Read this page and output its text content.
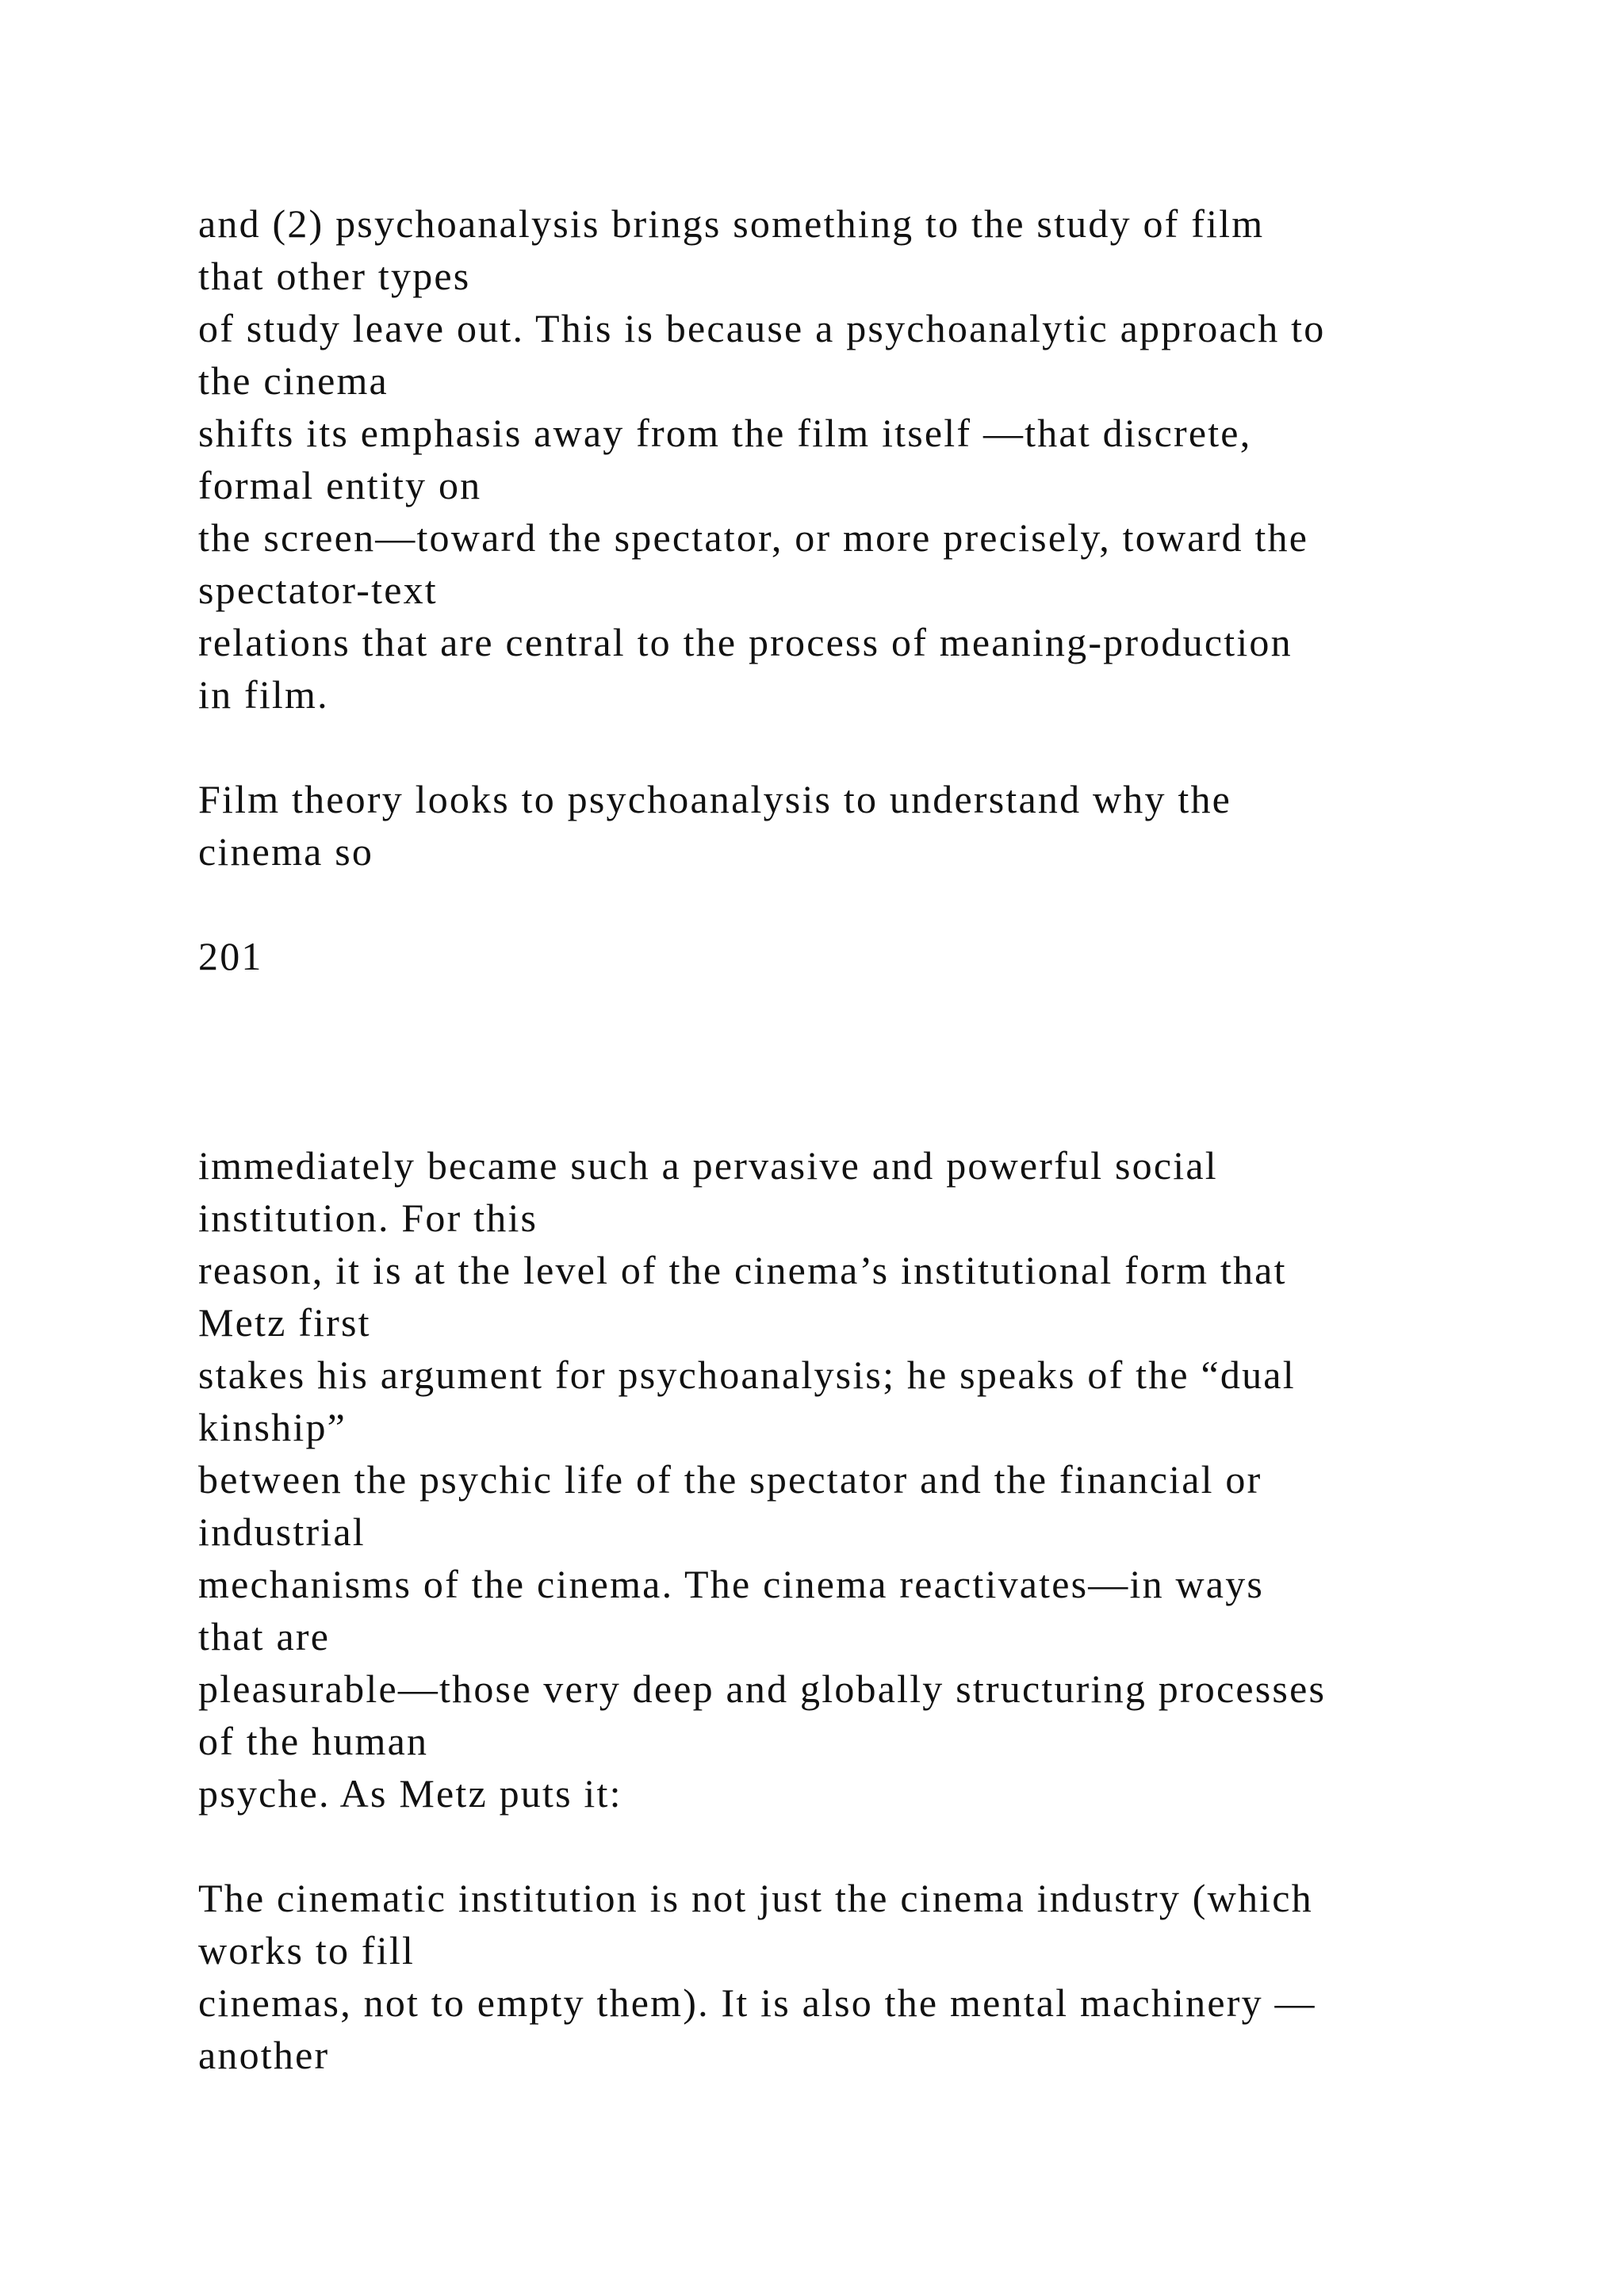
and (2) psychoanalysis brings something to the study of film

that other types

of study leave out. This is because a psychoanalytic approach to

the cinema

shifts its emphasis away from the film itself —that discrete,

formal entity on

the screen—toward the spectator, or more precisely, toward the

spectator-text

relations that are central to the process of meaning-production

in film.

Film theory looks to psychoanalysis to understand why the

cinema so

201

immediately became such a pervasive and powerful social

institution. For this

reason, it is at the level of the cinema’s institutional form that

Metz first

stakes his argument for psychoanalysis; he speaks of the “dual

kinship”

between the psychic life of the spectator and the financial or

industrial

mechanisms of the cinema. The cinema reactivates—in ways

that are

pleasurable—those very deep and globally structuring processes

of the human

psyche. As Metz puts it:

The cinematic institution is not just the cinema industry (which

works to fill

cinemas, not to empty them). It is also the mental machinery —

another
